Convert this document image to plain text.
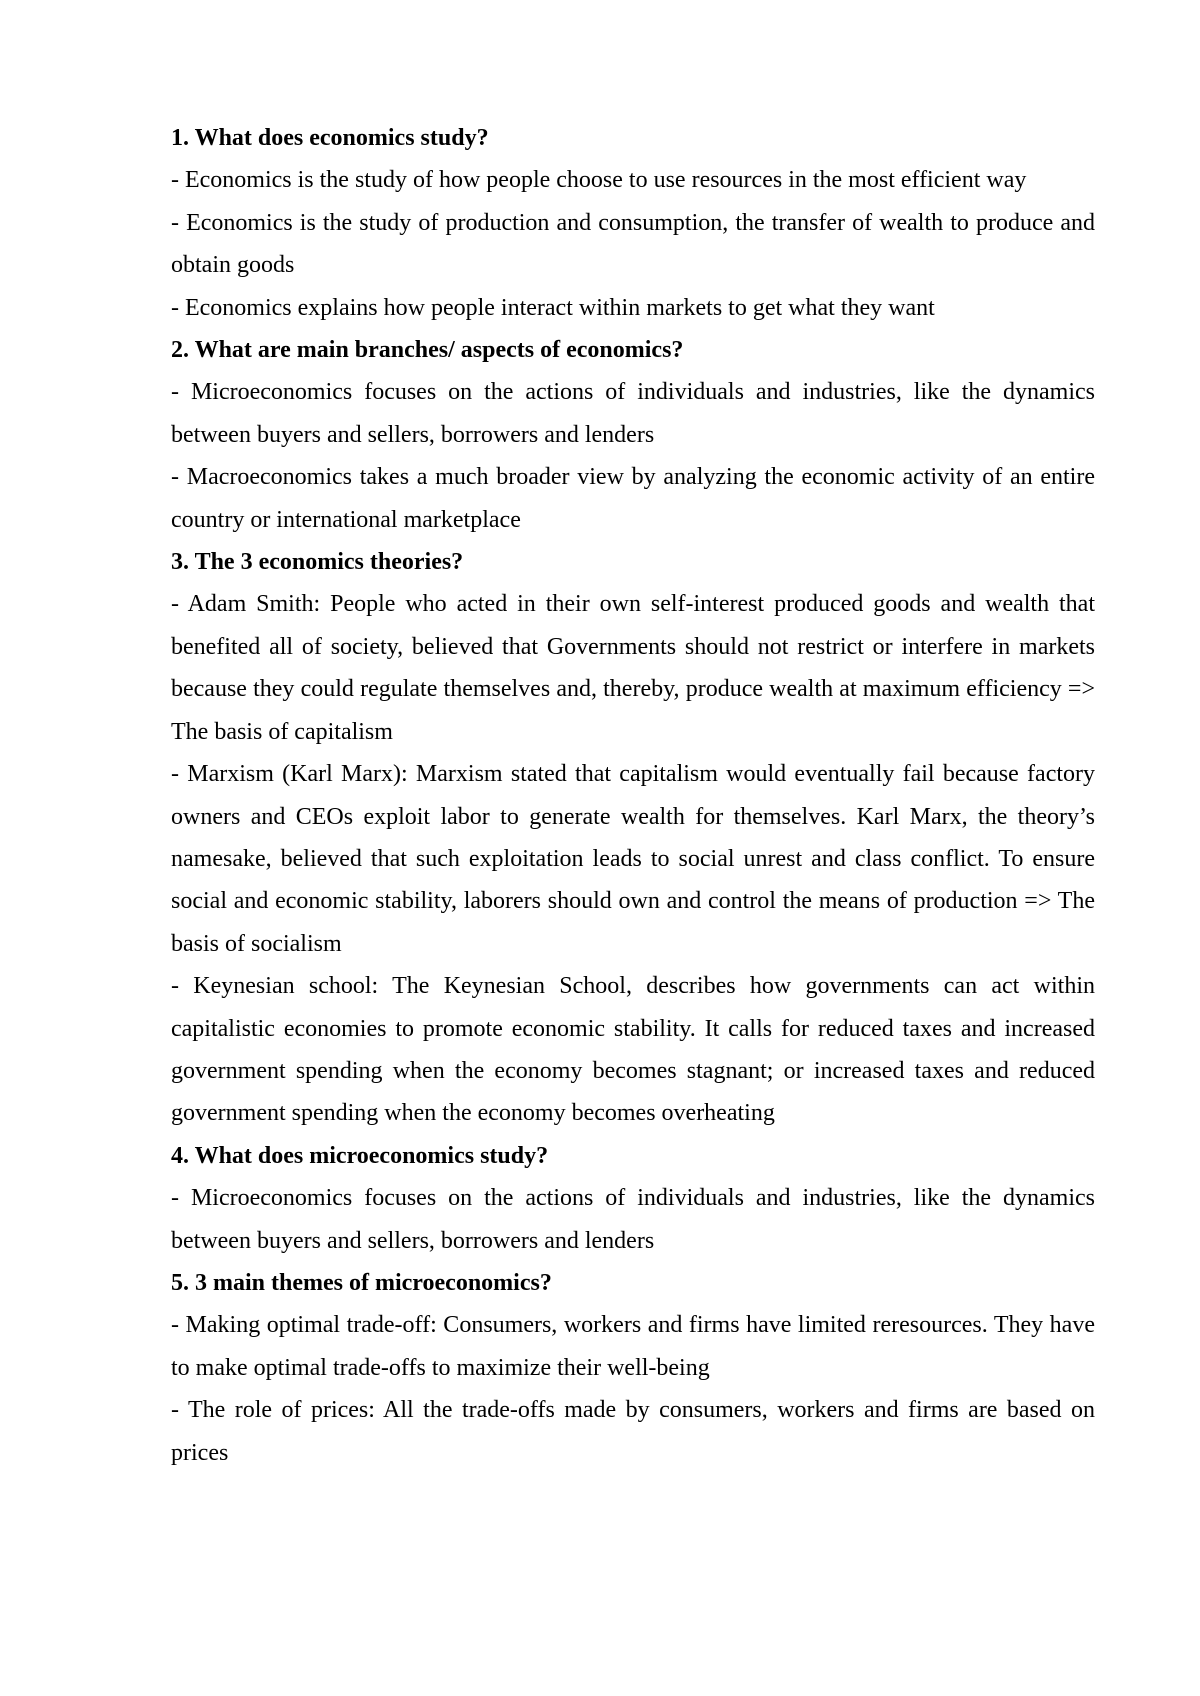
1. What does economics study?

- Economics is the study of how people choose to use resources in the most efficient way

- Economics is the study of production and consumption, the transfer of wealth to produce and obtain goods

- Economics explains how people interact within markets to get what they want

2. What are main branches/ aspects of economics?

- Microeconomics focuses on the actions of individuals and industries, like the dynamics between buyers and sellers, borrowers and lenders

- Macroeconomics takes a much broader view by analyzing the economic activity of an entire country or international marketplace

3. The 3 economics theories?

- Adam Smith: People who acted in their own self-interest produced goods and wealth that benefited all of society, believed that Governments should not restrict or interfere in markets because they could regulate themselves and, thereby, produce wealth at maximum efficiency => The basis of capitalism

- Marxism (Karl Marx): Marxism stated that capitalism would eventually fail because factory owners and CEOs exploit labor to generate wealth for themselves. Karl Marx, the theory’s namesake, believed that such exploitation leads to social unrest and class conflict. To ensure social and economic stability, laborers should own and control the means of production => The basis of socialism

- Keynesian school: The Keynesian School, describes how governments can act within capitalistic economies to promote economic stability. It calls for reduced taxes and increased government spending when the economy becomes stagnant; or increased taxes and reduced government spending when the economy becomes overheating

4. What does microeconomics study?

- Microeconomics focuses on the actions of individuals and industries, like the dynamics between buyers and sellers, borrowers and lenders

5. 3 main themes of microeconomics?

- Making optimal trade-off: Consumers, workers and firms have limited reresources. They have to make optimal trade-offs to maximize their well-being

- The role of prices: All the trade-offs made by consumers, workers and firms are based on prices
